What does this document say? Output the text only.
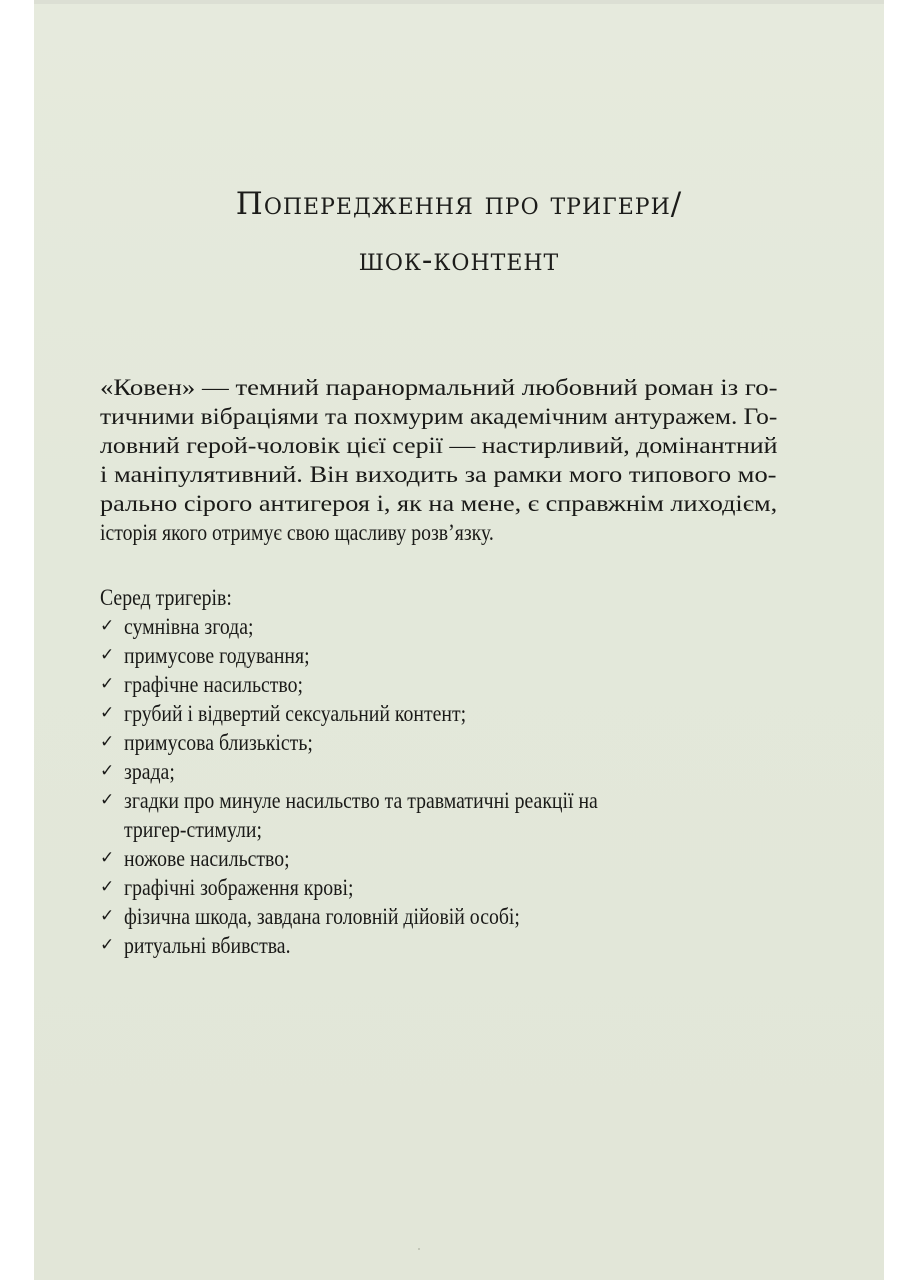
Попередження про тригери/
шок-контент
«Ковен» — темний паранормальний любовний роман із го-
тичними вібраціями та похмурим академічним антуражем. Го-
ловний герой-чоловік цієї серії — настирливий, домінантний
і маніпулятивний. Він виходить за рамки мого типового мо-
рально сірого антигероя і, як на мене, є справжнім лиходієм,
історія якого отримує свою щасливу розв’язку.
Серед тригерів:
✓ сумнівна згода;
✓ примусове годування;
✓ графічне насильство;
✓ грубий і відвертий сексуальний контент;
✓ примусова близькість;
✓ зрада;
✓ згадки про минуле насильство та травматичні реакції на
тригер-стимули;
✓ ножове насильство;
✓ графічні зображення крові;
✓ фізична шкода, завдана головній дійовій особі;
✓ ритуальні вбивства.
